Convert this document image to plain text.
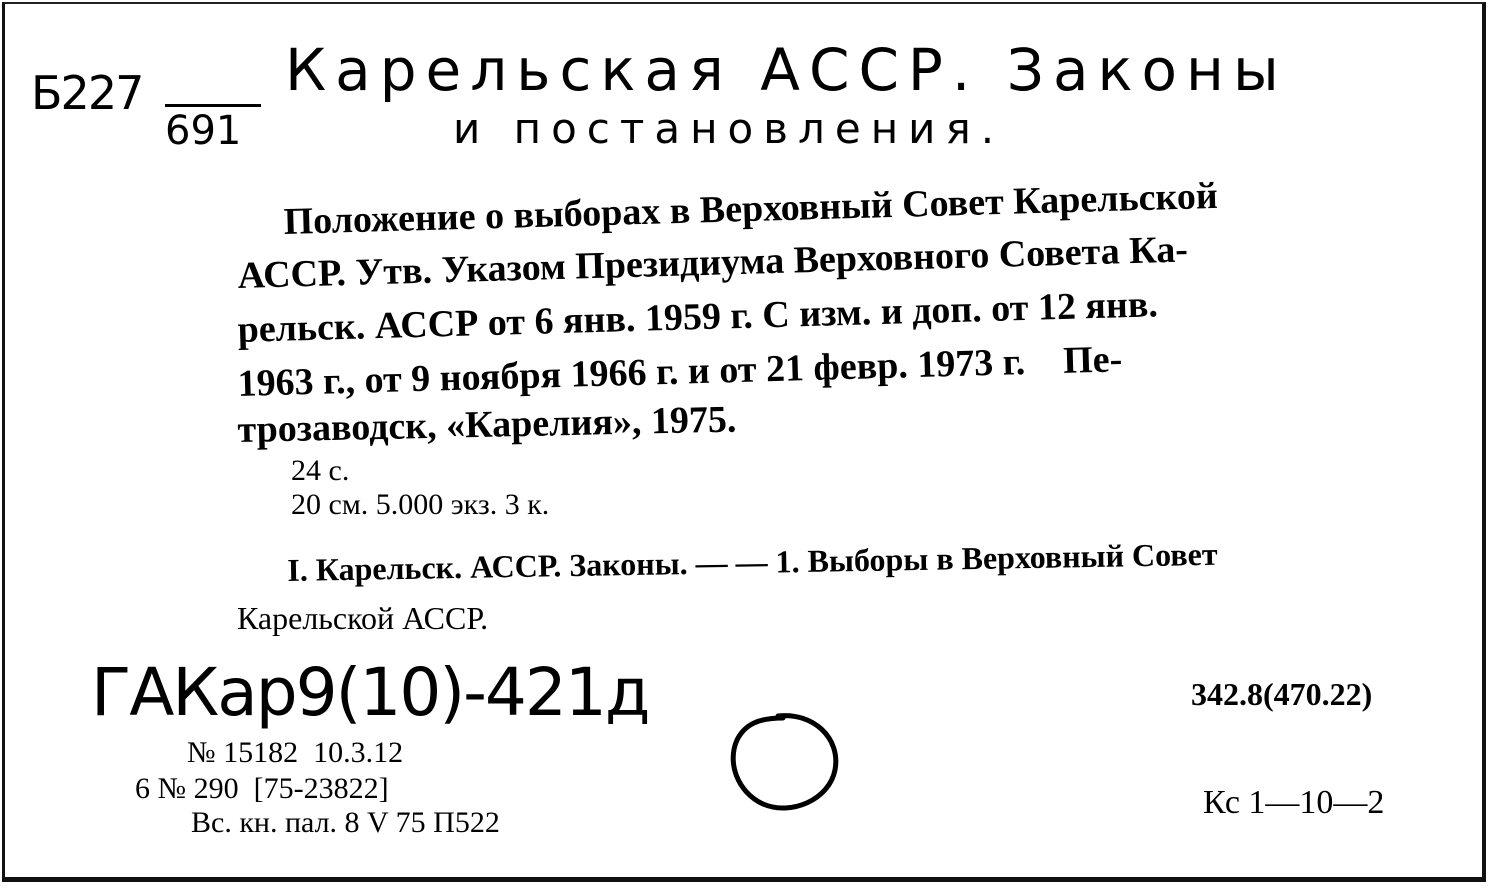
Б227
691
Карельская АССР. Законы
и постановления.
Положение о выборах в Верховный Совет Карельской
АССР. Утв. Указом Президиума Верховного Совета Ка-
рельск. АССР от 6 янв. 1959 г. С изм. и доп. от 12 янв.
1963 г., от 9 ноября 1966 г. и от 21 февр. 1973 г.    Пе-
трозаводск, «Карелия», 1975.
24 с.
20 см. 5.000 экз. 3 к.
I. Карельск. АССР. Законы. — — 1. Выборы в Верховный Совет
Карельской АССР.
ГАКар9(10)-421д
№ 15182  10.3.12
6 № 290  [75-23822]
Вс. кн. пал. 8 V 75 П522
342.8(470.22)
Кс 1—10—2
